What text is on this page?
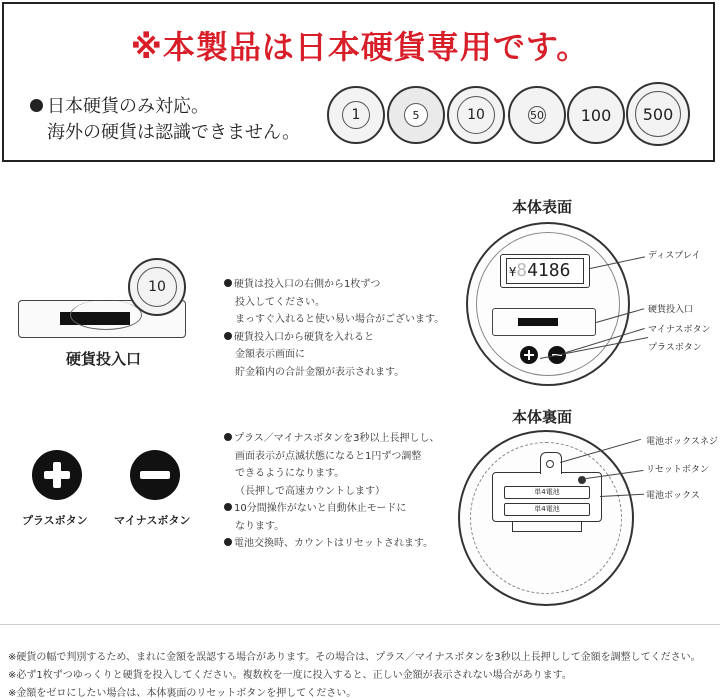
※本製品は日本硬貨専用です。
日本硬貨のみ対応。
海外の硬貨は認識できません。
1	5	10	50 100	500
10
硬貨投入口
硬貨は投入口の右側から1枚ずつ
投入してください。
まっすぐ入れると使い易い場合がございます。
硬貨投入口から硬貨を入れると
金額表示画面に
貯金箱内の合計金額が表示されます。
本体表面
¥84186
ディスプレイ
硬貨投入口
マイナスボタン
プラスボタン
プラスボタン マイナスボタン
プラス／マイナスボタンを3秒以上長押しし、
画面表示が点滅状態になると1円ずつ調整
できるようになります。
（長押しで高速カウントします）
10分間操作がないと自動休止モードに
なります。
電池交換時、カウントはリセットされます。
本体裏面
単4電池
単4電池
電池ボックスネジ
リセットボタン
電池ボックス
※硬貨の幅で判別するため、まれに金額を誤認する場合があります。その場合は、プラス／マイナスボタンを3秒以上長押しして金額を調整してください。
※必ず1枚ずつゆっくりと硬貨を投入してください。複数枚を一度に投入すると、正しい金額が表示されない場合があります。
※金額をゼロにしたい場合は、本体裏面のリセットボタンを押してください。
